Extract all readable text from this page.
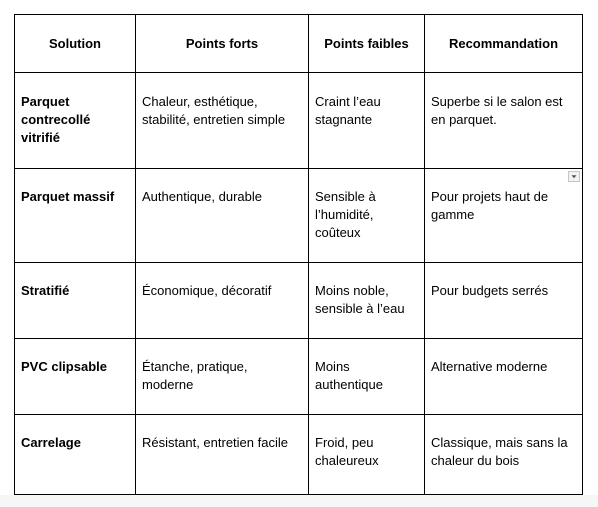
Solution	Points forts	Points faibles	Recommandation

Parquet contrecollé vitrifié	Chaleur, esthétique, stabilité, entretien simple	Craint l’eau stagnante	Superbe si le salon est en parquet.

Parquet massif	Authentique, durable	Sensible à l’humidité, coûteux	Pour projets haut de gamme

Stratifié	Économique, décoratif	Moins noble, sensible à l’eau	Pour budgets serrés

PVC clipsable	Étanche, pratique, moderne	Moins authentique	Alternative moderne

Carrelage	Résistant, entretien facile	Froid, peu chaleureux	Classique, mais sans la chaleur du bois
